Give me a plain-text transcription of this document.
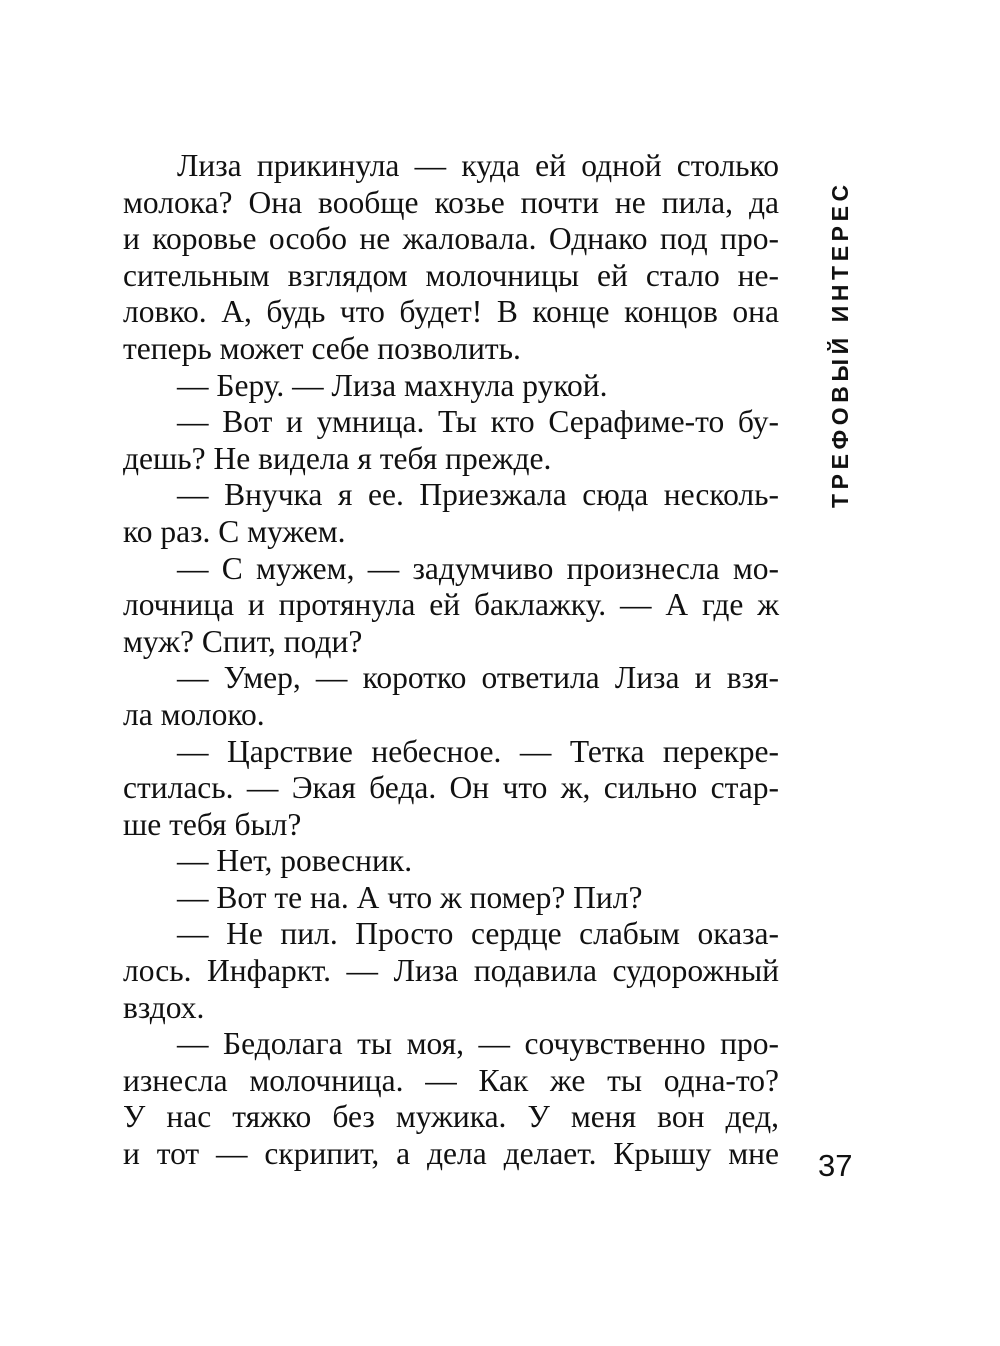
Лиза прикинула — куда ей одной столько
молока? Она вообще козье почти не пила, да
и коровье особо не жаловала. Однако под про-
сительным взглядом молочницы ей стало не-
ловко. А, будь что будет! В конце концов она
теперь может себе позволить.
— Беру. — Лиза махнула рукой.
— Вот и умница. Ты кто Серафиме-то бу-
дешь? Не видела я тебя прежде.
— Внучка я ее. Приезжала сюда несколь-
ко раз. С мужем.
— С мужем, — задумчиво произнесла мо-
лочница и протянула ей баклажку. — А где ж
муж? Спит, поди?
— Умер, — коротко ответила Лиза и взя-
ла молоко.
— Царствие небесное. — Тетка перекре-
стилась. — Экая беда. Он что ж, сильно стар-
ше тебя был?
— Нет, ровесник.
— Вот те на. А что ж помер? Пил?
— Не пил. Просто сердце слабым оказа-
лось. Инфаркт. — Лиза подавила судорожный
вздох.
— Бедолага ты моя, — сочувственно про-
изнесла молочница. — Как же ты одна-то?
У нас тяжко без мужика. У меня вон дед,
и тот — скрипит, а дела делает. Крышу мне
ТРЕФОВЫЙ ИНТЕРЕС
37
